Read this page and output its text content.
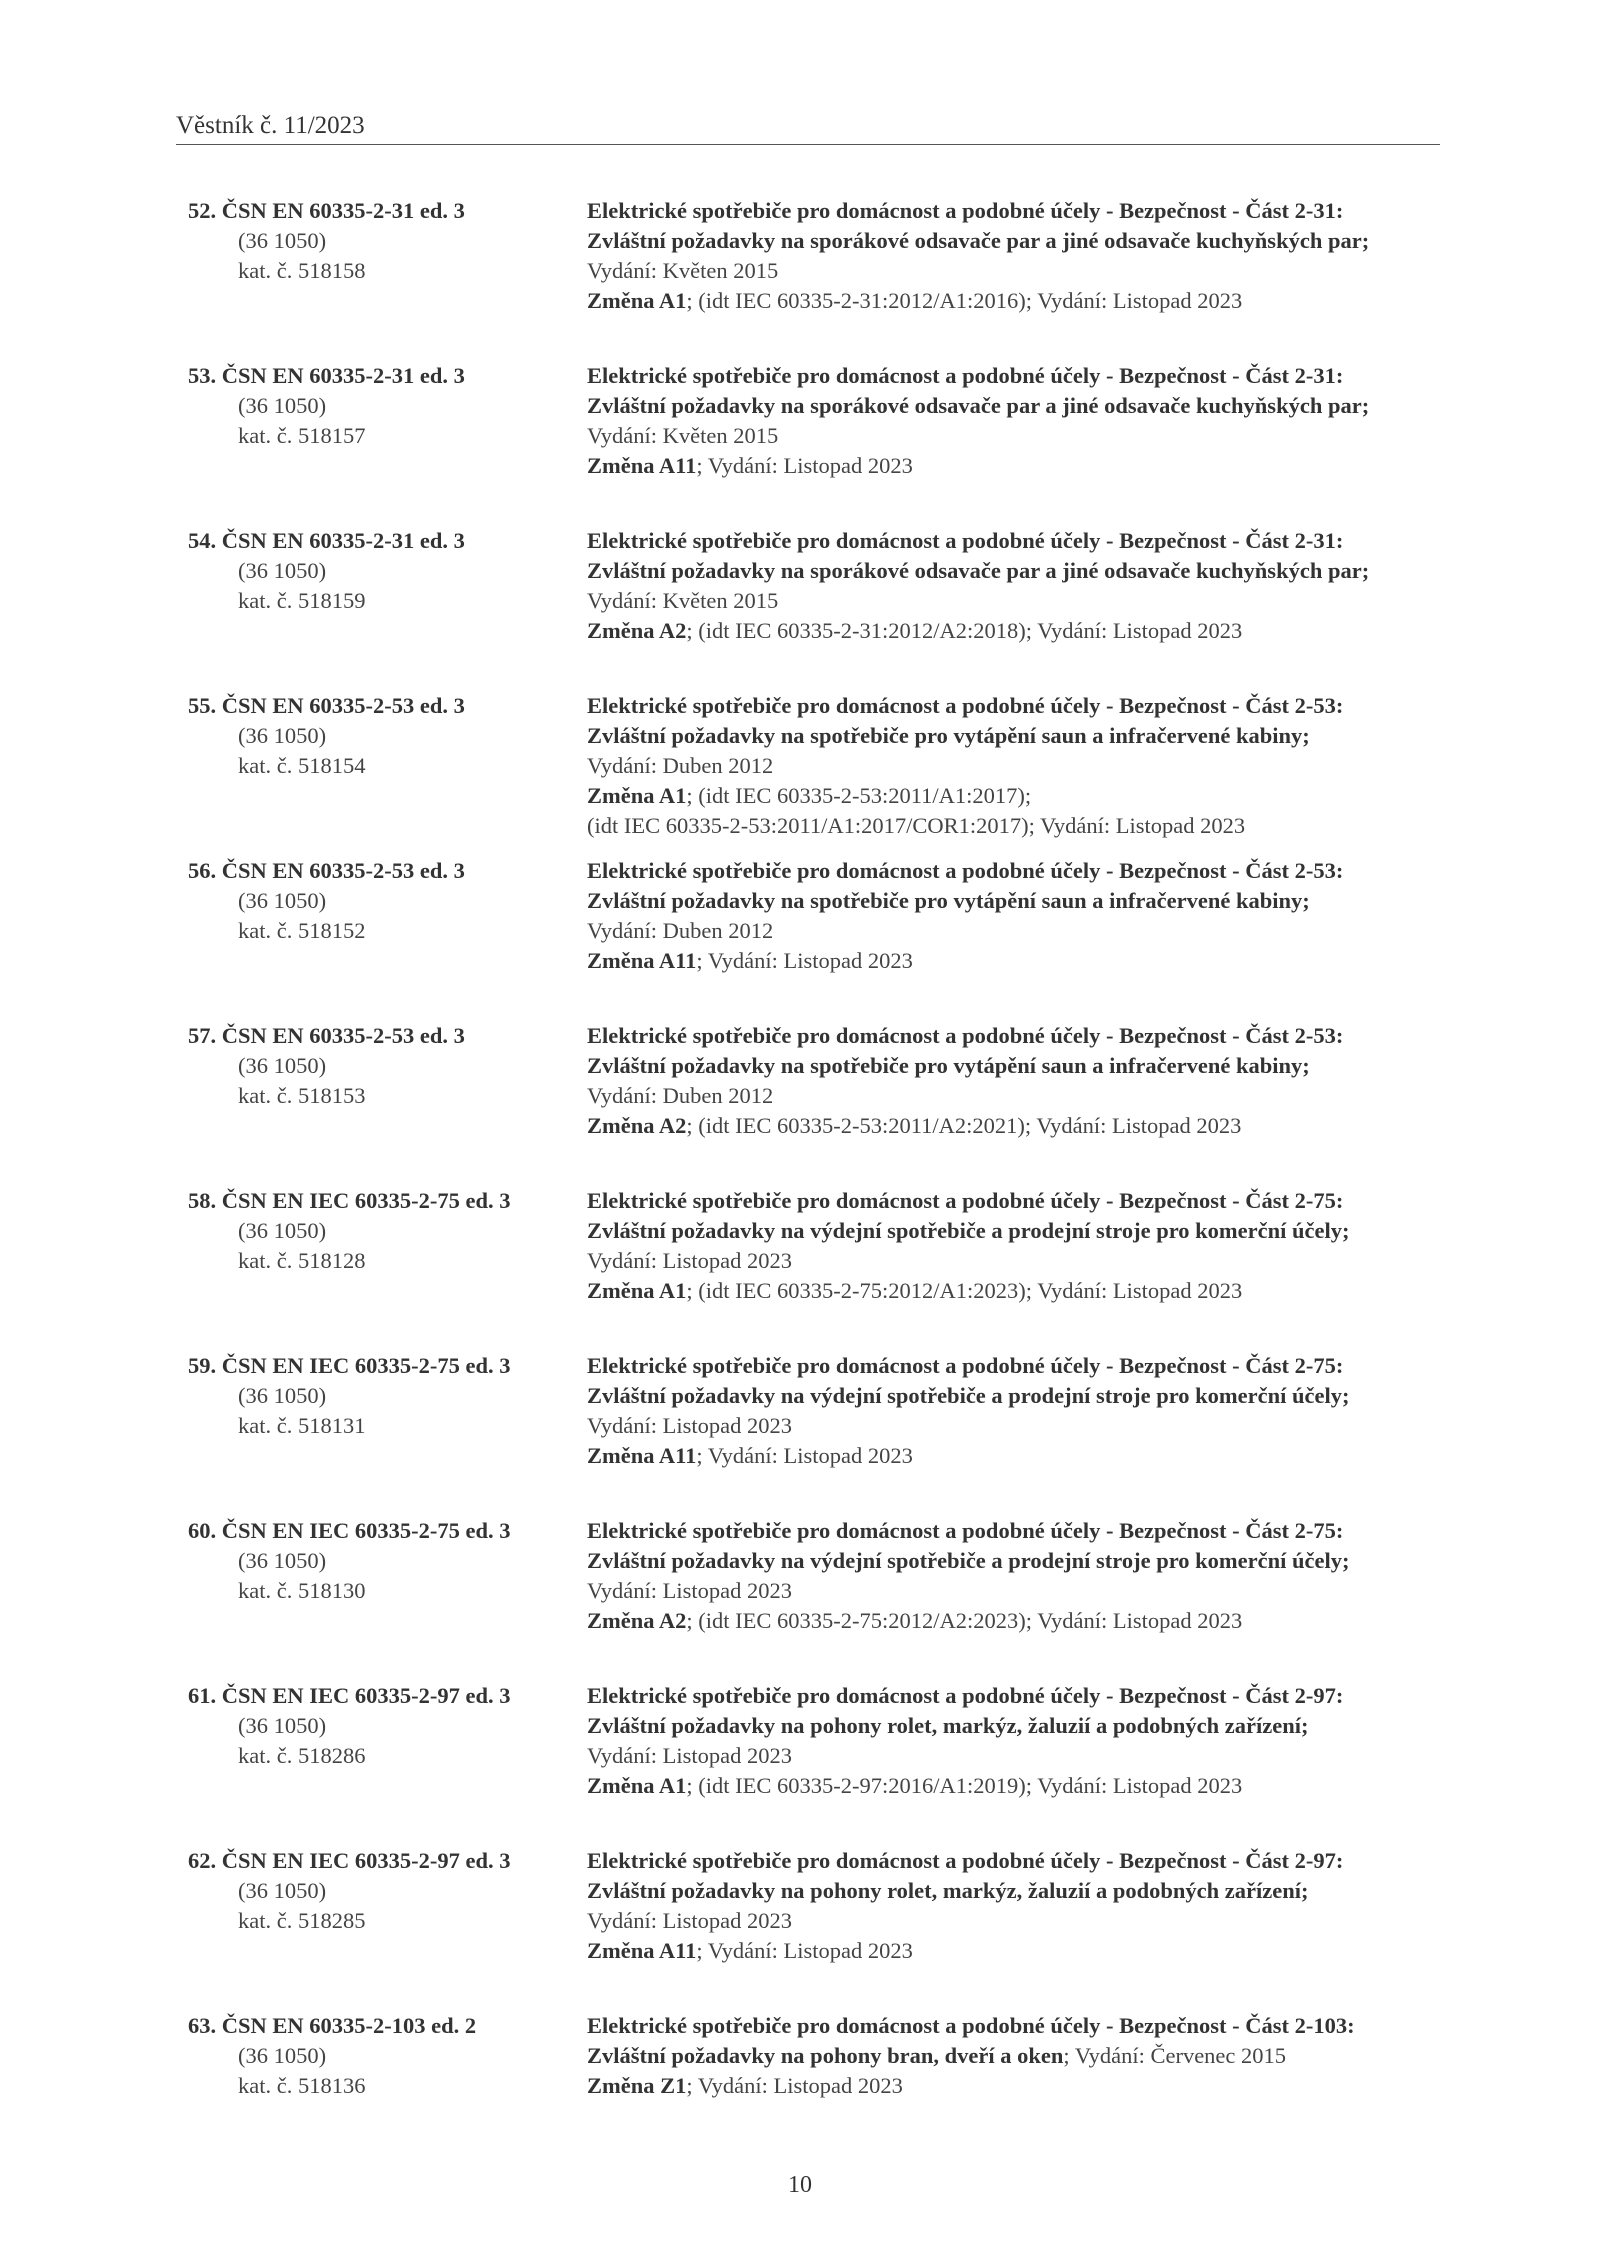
Věstník č. 11/2023
52. ČSN EN 60335-2-31 ed. 3
(36 1050)
kat. č. 518158
Elektrické spotřebiče pro domácnost a podobné účely - Bezpečnost - Část 2-31:
Zvláštní požadavky na sporákové odsavače par a jiné odsavače kuchyňských par;
Vydání: Květen 2015
Změna A1; (idt IEC 60335-2-31:2012/A1:2016); Vydání: Listopad 2023
53. ČSN EN 60335-2-31 ed. 3
(36 1050)
kat. č. 518157
Elektrické spotřebiče pro domácnost a podobné účely - Bezpečnost - Část 2-31:
Zvláštní požadavky na sporákové odsavače par a jiné odsavače kuchyňských par;
Vydání: Květen 2015
Změna A11; Vydání: Listopad 2023
54. ČSN EN 60335-2-31 ed. 3
(36 1050)
kat. č. 518159
Elektrické spotřebiče pro domácnost a podobné účely - Bezpečnost - Část 2-31:
Zvláštní požadavky na sporákové odsavače par a jiné odsavače kuchyňských par;
Vydání: Květen 2015
Změna A2; (idt IEC 60335-2-31:2012/A2:2018); Vydání: Listopad 2023
55. ČSN EN 60335-2-53 ed. 3
(36 1050)
kat. č. 518154
Elektrické spotřebiče pro domácnost a podobné účely - Bezpečnost - Část 2-53:
Zvláštní požadavky na spotřebiče pro vytápění saun a infračervené kabiny;
Vydání: Duben 2012
Změna A1; (idt IEC 60335-2-53:2011/A1:2017);
(idt IEC 60335-2-53:2011/A1:2017/COR1:2017); Vydání: Listopad 2023
56. ČSN EN 60335-2-53 ed. 3
(36 1050)
kat. č. 518152
Elektrické spotřebiče pro domácnost a podobné účely - Bezpečnost - Část 2-53:
Zvláštní požadavky na spotřebiče pro vytápění saun a infračervené kabiny;
Vydání: Duben 2012
Změna A11; Vydání: Listopad 2023
57. ČSN EN 60335-2-53 ed. 3
(36 1050)
kat. č. 518153
Elektrické spotřebiče pro domácnost a podobné účely - Bezpečnost - Část 2-53:
Zvláštní požadavky na spotřebiče pro vytápění saun a infračervené kabiny;
Vydání: Duben 2012
Změna A2; (idt IEC 60335-2-53:2011/A2:2021); Vydání: Listopad 2023
58. ČSN EN IEC 60335-2-75 ed. 3
(36 1050)
kat. č. 518128
Elektrické spotřebiče pro domácnost a podobné účely - Bezpečnost - Část 2-75:
Zvláštní požadavky na výdejní spotřebiče a prodejní stroje pro komerční účely;
Vydání: Listopad 2023
Změna A1; (idt IEC 60335-2-75:2012/A1:2023); Vydání: Listopad 2023
59. ČSN EN IEC 60335-2-75 ed. 3
(36 1050)
kat. č. 518131
Elektrické spotřebiče pro domácnost a podobné účely - Bezpečnost - Část 2-75:
Zvláštní požadavky na výdejní spotřebiče a prodejní stroje pro komerční účely;
Vydání: Listopad 2023
Změna A11; Vydání: Listopad 2023
60. ČSN EN IEC 60335-2-75 ed. 3
(36 1050)
kat. č. 518130
Elektrické spotřebiče pro domácnost a podobné účely - Bezpečnost - Část 2-75:
Zvláštní požadavky na výdejní spotřebiče a prodejní stroje pro komerční účely;
Vydání: Listopad 2023
Změna A2; (idt IEC 60335-2-75:2012/A2:2023); Vydání: Listopad 2023
61. ČSN EN IEC 60335-2-97 ed. 3
(36 1050)
kat. č. 518286
Elektrické spotřebiče pro domácnost a podobné účely - Bezpečnost - Část 2-97:
Zvláštní požadavky na pohony rolet, markýz, žaluzií a podobných zařízení;
Vydání: Listopad 2023
Změna A1; (idt IEC 60335-2-97:2016/A1:2019); Vydání: Listopad 2023
62. ČSN EN IEC 60335-2-97 ed. 3
(36 1050)
kat. č. 518285
Elektrické spotřebiče pro domácnost a podobné účely - Bezpečnost - Část 2-97:
Zvláštní požadavky na pohony rolet, markýz, žaluzií a podobných zařízení;
Vydání: Listopad 2023
Změna A11; Vydání: Listopad 2023
63. ČSN EN 60335-2-103 ed. 2
(36 1050)
kat. č. 518136
Elektrické spotřebiče pro domácnost a podobné účely - Bezpečnost - Část 2-103:
Zvláštní požadavky na pohony bran, dveří a oken; Vydání: Červenec 2015
Změna Z1; Vydání: Listopad 2023
10
